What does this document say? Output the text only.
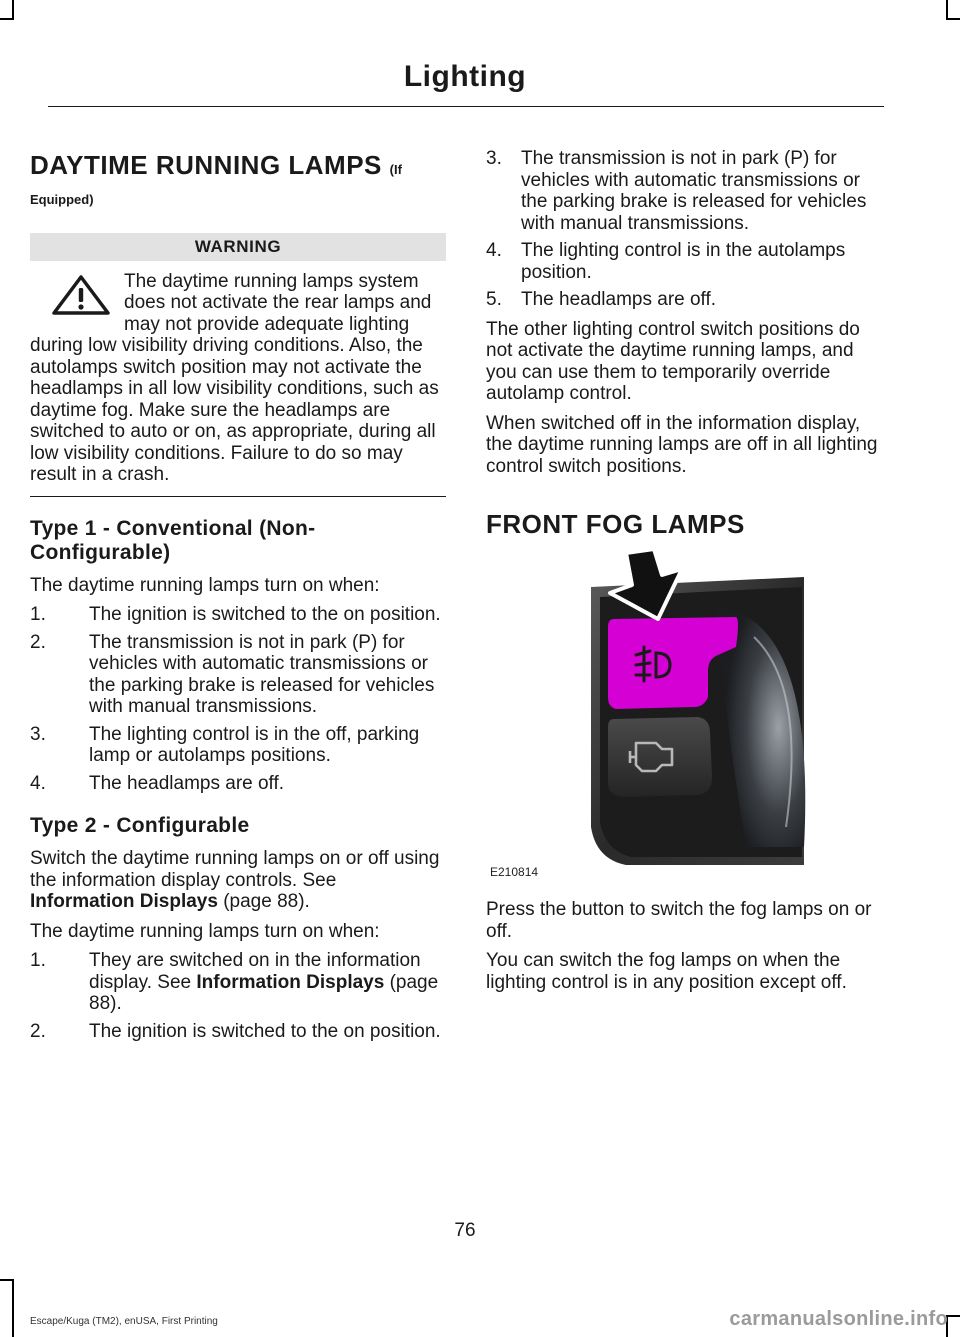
Lighting
DAYTIME RUNNING LAMPS (If
Equipped)
WARNING
The daytime running lamps system does not activate the rear lamps and may not provide adequate lighting during low visibility driving conditions. Also, the autolamps switch position may not activate the headlamps in all low visibility conditions, such as daytime fog. Make sure the headlamps are switched to auto or on, as appropriate, during all low visibility conditions. Failure to do so may result in a crash.
Type 1 - Conventional (Non-Configurable)

The daytime running lamps turn on when:

1. The ignition is switched to the on position.
2. The transmission is not in park (P) for vehicles with automatic transmissions or the parking brake is released for vehicles with manual transmissions.
3. The lighting control is in the off, parking lamp or autolamps positions.
4. The headlamps are off.
Type 2 - Configurable

Switch the daytime running lamps on or off using the information display controls. See Information Displays (page 88).

The daytime running lamps turn on when:

1. They are switched on in the information display. See Information Displays (page 88).
2. The ignition is switched to the on position.
3. The transmission is not in park (P) for vehicles with automatic transmissions or the parking brake is released for vehicles with manual transmissions.
4. The lighting control is in the autolamps position.
5. The headlamps are off.

The other lighting control switch positions do not activate the daytime running lamps, and you can use them to temporarily override autolamp control.

When switched off in the information display, the daytime running lamps are off in all lighting control switch positions.

FRONT FOG LAMPS
E210814

Press the button to switch the fog lamps on or off.

You can switch the fog lamps on when the lighting control is in any position except off.

76
Escape/Kuga (TM2), enUSA, First Printing	carmanualsonline.info
